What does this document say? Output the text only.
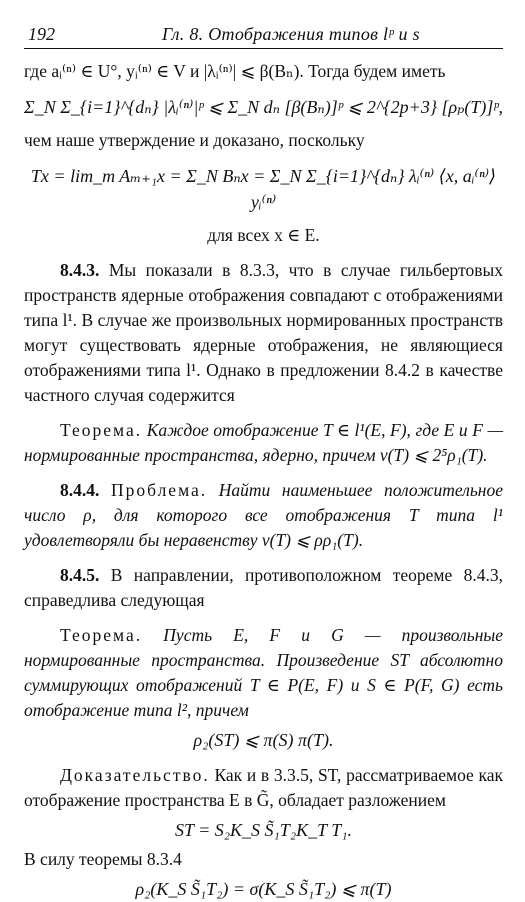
192	Гл. 8. Отображения типов lᵖ и s

где aᵢ⁽ⁿ⁾ ∈ U°, yᵢ⁽ⁿ⁾ ∈ V и |λᵢ⁽ⁿ⁾| ⩽ β(Bₙ). Тогда будем иметь

Σ_N Σ_{i=1}^{dₙ} |λᵢ⁽ⁿ⁾|ᵖ ⩽ Σ_N dₙ [β(Bₙ)]ᵖ ⩽ 2^{2p+3} [ρₚ(T)]ᵖ,

чем наше утверждение и доказано, поскольку

Tx = lim_m Aₘ₊₁x = Σ_N Bₙx = Σ_N Σ_{i=1}^{dₙ} λᵢ⁽ⁿ⁾ ⟨x, aᵢ⁽ⁿ⁾⟩ yᵢ⁽ⁿ⁾
для всех x ∈ E.

8.4.3. Мы показали в 8.3.3, что в случае гильбертовых пространств ядерные отображения совпадают с отображениями типа l¹. В случае же произвольных нормированных пространств могут существовать ядерные отображения, не являющиеся отображениями типа l¹. Однако в предложении 8.4.2 в качестве частного случая содержится

Теорема. Каждое отображение T ∈ l¹(E, F), где E и F — нормированные пространства, ядерно, причем ν(T) ⩽ 2⁵ρ₁(T).

8.4.4. Проблема. Найти наименьшее положительное число ρ, для которого все отображения T типа l¹ удовлетворяли бы неравенству ν(T) ⩽ ρρ₁(T).

8.4.5. В направлении, противоположном теореме 8.4.3, справедлива следующая

Теорема. Пусть E, F и G — произвольные нормированные пространства. Произведение ST абсолютно суммирующих отображений T ∈ P(E, F) и S ∈ P(F, G) есть отображение типа l², причем

ρ₂(ST) ⩽ π(S) π(T).

Доказательство. Как и в 3.3.5, ST, рассматриваемое как отображение пространства E в G̃, обладает разложением

ST = S₂K_S S̃₁T₂K_T T₁.

В силу теоремы 8.3.4

ρ₂(K_S S̃₁T₂) = σ(K_S S̃₁T₂) ⩽ π(T)
